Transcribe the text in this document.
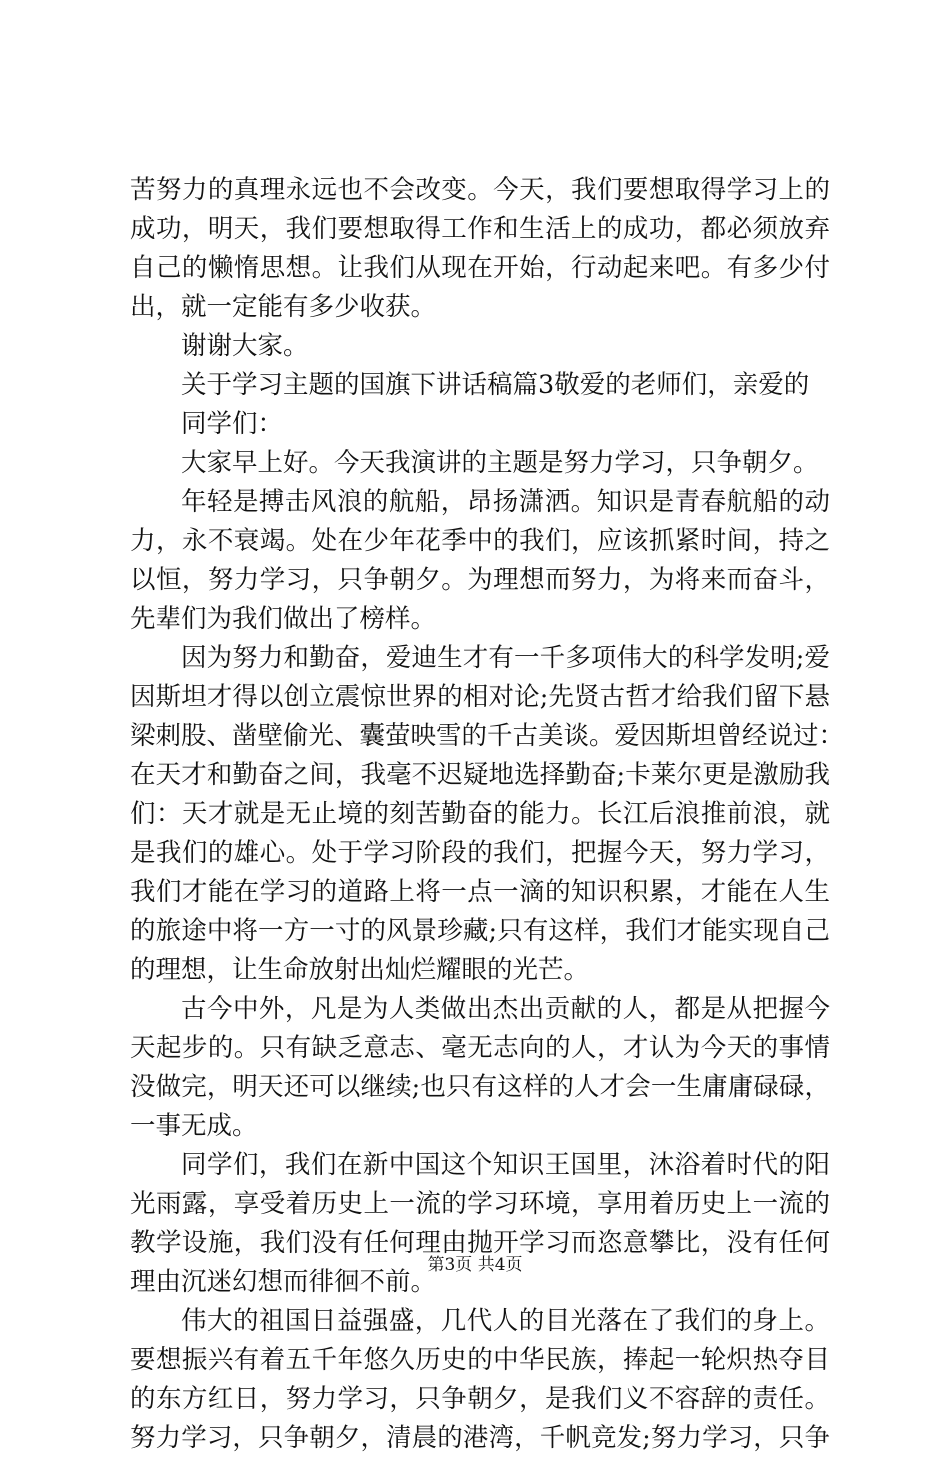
苦努力的真理永远也不会改变。今天，我们要想取得学习上的
成功，明天，我们要想取得工作和生活上的成功，都必须放弃
自己的懒惰思想。让我们从现在开始，行动起来吧。有多少付
出，就一定能有多少收获。
谢谢大家。
关于学习主题的国旗下讲话稿篇3敬爱的老师们，亲爱的
同学们：
大家早上好。今天我演讲的主题是努力学习，只争朝夕。
年轻是搏击风浪的航船，昂扬潇洒。知识是青春航船的动
力，永不衰竭。处在少年花季中的我们，应该抓紧时间，持之
以恒，努力学习，只争朝夕。为理想而努力，为将来而奋斗，
先辈们为我们做出了榜样。
因为努力和勤奋，爱迪生才有一千多项伟大的科学发明;爱
因斯坦才得以创立震惊世界的相对论;先贤古哲才给我们留下悬
梁刺股、凿壁偷光、囊萤映雪的千古美谈。爱因斯坦曾经说过：
在天才和勤奋之间，我毫不迟疑地选择勤奋;卡莱尔更是激励我
们：天才就是无止境的刻苦勤奋的能力。长江后浪推前浪，就
是我们的雄心。处于学习阶段的我们，把握今天，努力学习，
我们才能在学习的道路上将一点一滴的知识积累，才能在人生
的旅途中将一方一寸的风景珍藏;只有这样，我们才能实现自己
的理想，让生命放射出灿烂耀眼的光芒。
古今中外，凡是为人类做出杰出贡献的人，都是从把握今
天起步的。只有缺乏意志、毫无志向的人，才认为今天的事情
没做完，明天还可以继续;也只有这样的人才会一生庸庸碌碌，
一事无成。
同学们，我们在新中国这个知识王国里，沐浴着时代的阳
光雨露，享受着历史上一流的学习环境，享用着历史上一流的
教学设施，我们没有任何理由抛开学习而恣意攀比，没有任何
理由沉迷幻想而徘徊不前。
伟大的祖国日益强盛，几代人的目光落在了我们的身上。
要想振兴有着五千年悠久历史的中华民族，捧起一轮炽热夺目
的东方红日，努力学习，只争朝夕，是我们义不容辞的责任。
努力学习，只争朝夕，清晨的港湾，千帆竞发;努力学习，只争
第3页 共4页
